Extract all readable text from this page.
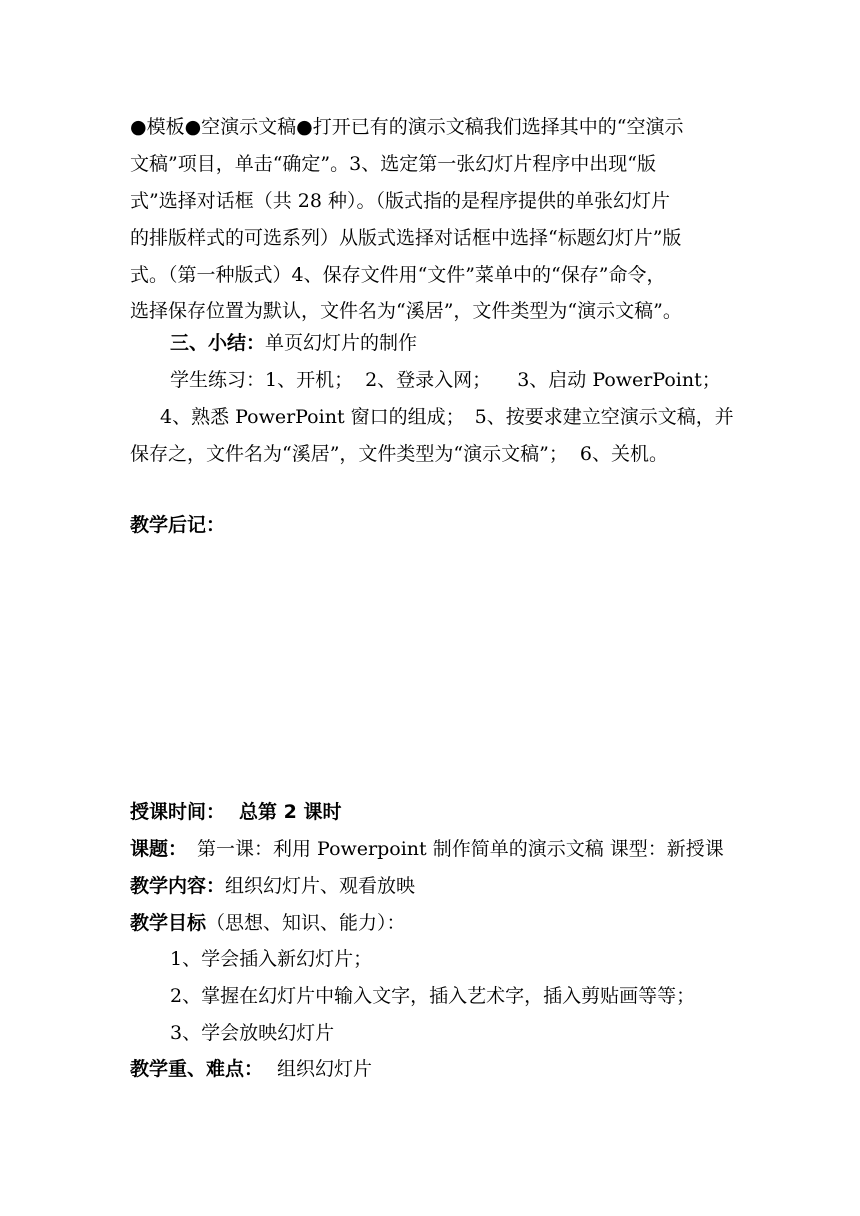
●模板●空演示文稿●打开已有的演示文稿我们选择其中的“空演示
文稿”项目，单击“确定”。3、选定第一张幻灯片程序中出现“版
式”选择对话框（共 28 种）。（版式指的是程序提供的单张幻灯片
的排版样式的可选系列）从版式选择对话框中选择“标题幻灯片”版
式。（第一种版式）4、保存文件用“文件”菜单中的“保存”命令，
选择保存位置为默认，文件名为“溪居”，文件类型为“演示文稿”。
三、小结：单页幻灯片的制作
学生练习：1、开机； 2、登录入网； 3、启动 PowerPoint；
4、熟悉 PowerPoint 窗口的组成； 5、按要求建立空演示文稿，并
保存之，文件名为“溪居”，文件类型为“演示文稿”； 6、关机。
教学后记：
授课时间： 总第 2 课时
课题： 第一课：利用 Powerpoint 制作简单的演示文稿 课型：新授课
教学内容：组织幻灯片、观看放映
教学目标（思想、知识、能力）：
1、学会插入新幻灯片；
2、掌握在幻灯片中输入文字，插入艺术字，插入剪贴画等等；
3、学会放映幻灯片
教学重、难点： 组织幻灯片
